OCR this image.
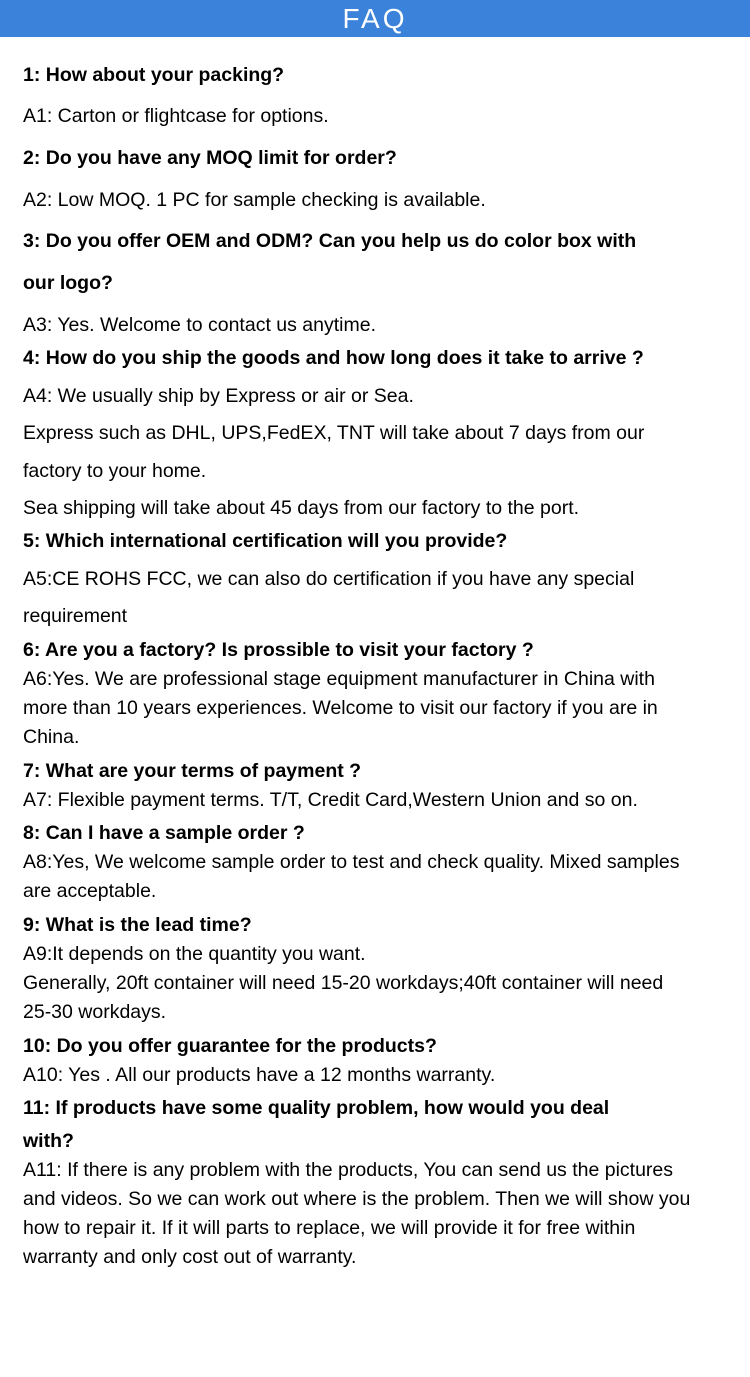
FAQ
1: How about your packing?
A1: Carton or flightcase for options.
2: Do you have any MOQ limit for order?
A2: Low MOQ. 1 PC for sample checking is available.
3: Do you offer OEM and ODM? Can you help us do color box with
our logo?
A3: Yes. Welcome to contact us anytime.
4: How do you ship the goods and how long does it take to arrive ?
A4: We usually ship by Express or air or Sea.
Express such as DHL, UPS,FedEX, TNT will take about 7 days from our
factory to your home.
Sea shipping will take about 45 days from our factory to the port.
5: Which international certification will you provide?
A5:CE ROHS FCC, we can also do certification if you have any special
requirement
6: Are you a factory? Is prossible to visit your factory ?
A6:Yes. We are professional stage equipment manufacturer in China with
more than 10 years experiences. Welcome to visit our factory if you are in
China.
7: What are your terms of payment ?
A7: Flexible payment terms. T/T, Credit Card,Western Union and so on.
8: Can I have a sample order ?
A8:Yes, We welcome sample order to test and check quality. Mixed samples
are acceptable.
9: What is the lead time?
A9:It depends on the quantity you want.
Generally, 20ft container will need 15-20 workdays;40ft container will need
25-30 workdays.
10: Do you offer guarantee for the products?
A10: Yes . All our products have a 12 months warranty.
11: If products have some quality problem, how would you deal
with?
A11: If there is any problem with the products, You can send us the pictures
and videos. So we can work out where is the problem. Then we will show you
how to repair it. If it will parts to replace, we will provide it for free within
warranty and only cost out of warranty.
